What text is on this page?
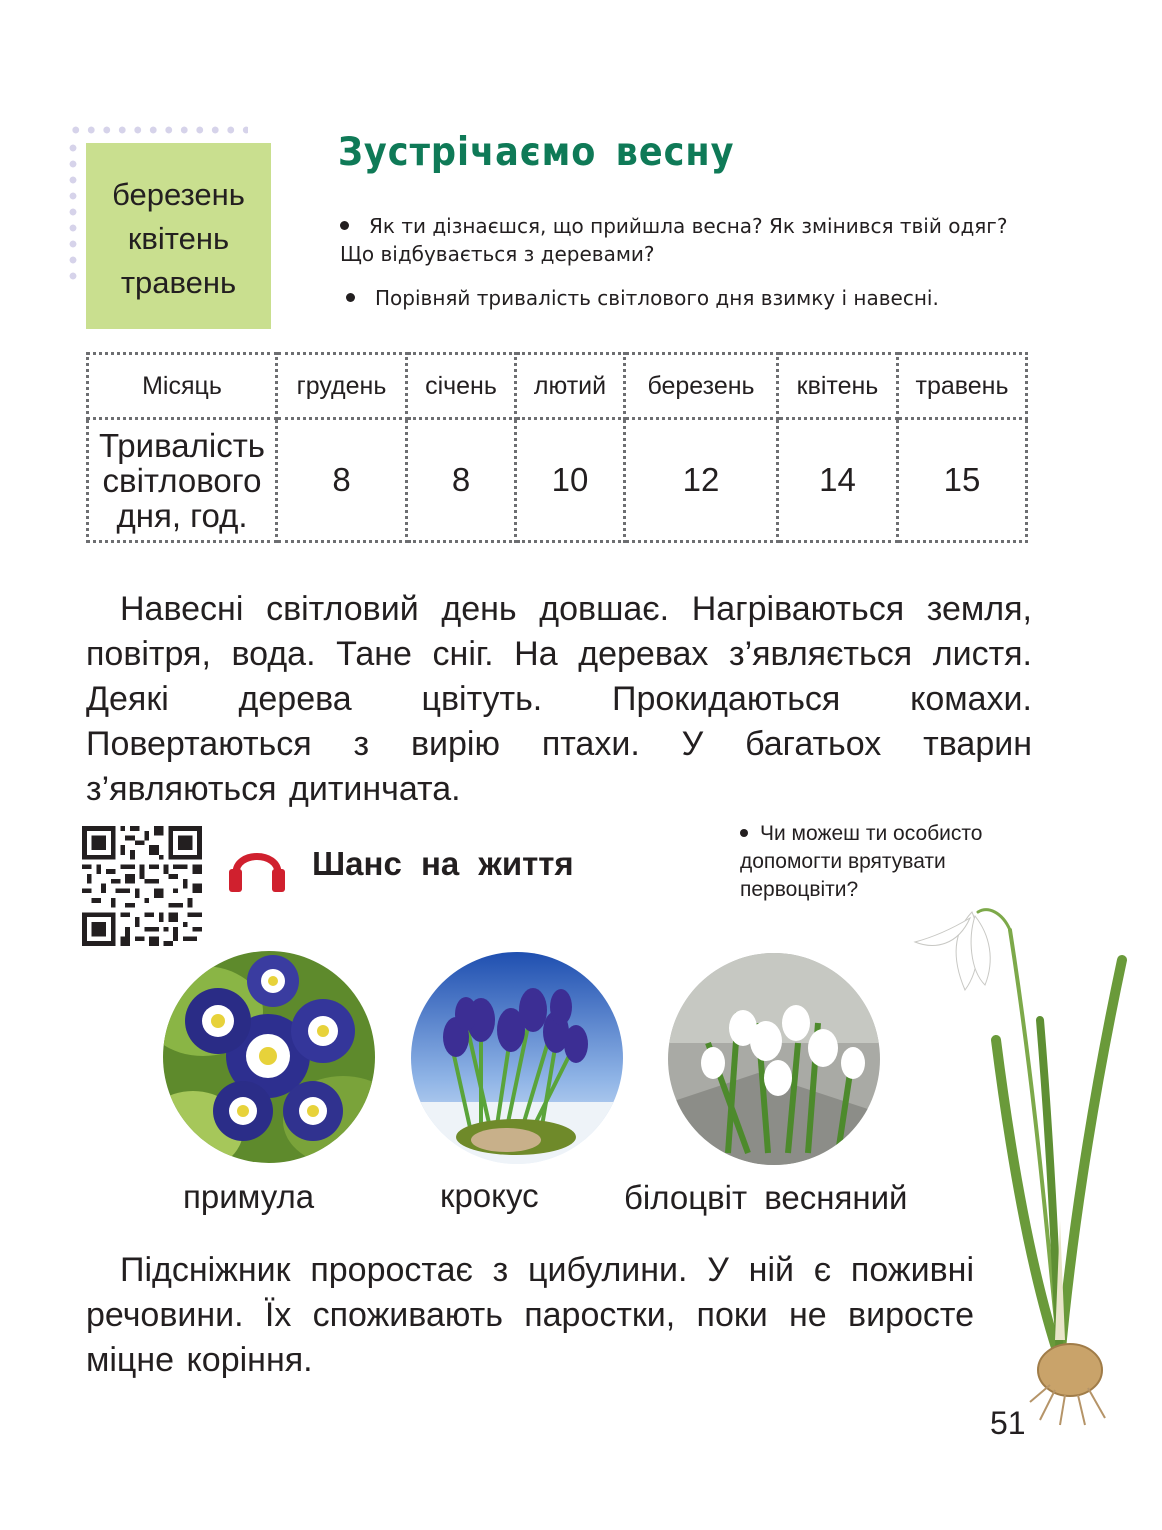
березень
квітень
травень
Зустрічаємо весну
Як ти дізнаєшся, що прийшла весна? Як змінився твій одяг? Що відбувається з деревами?
Порівняй тривалість світлового дня взимку і навесні.
Місяць	грудень	січень	лютий	березень	квітень	травень

Тривалість
світлового
дня, год.	8	8	10	12	14	15
Навесні світловий день довшає. Нагріваються земля, повітря, вода. Тане сніг. На деревах з’являється листя. Деякі дерева цвітуть. Прокидаються комахи. Повертаються з вирію птахи. У багатьох тварин з’являються дитинчата.
Шанс на життя
Чи можеш ти особисто допомогти врятувати первоцвіти?
примула	крокус	білоцвіт весняний
Підсніжник проростає з цибулини. У ній є поживні речовини. Їх споживають паростки, поки не виросте міцне коріння.
51
